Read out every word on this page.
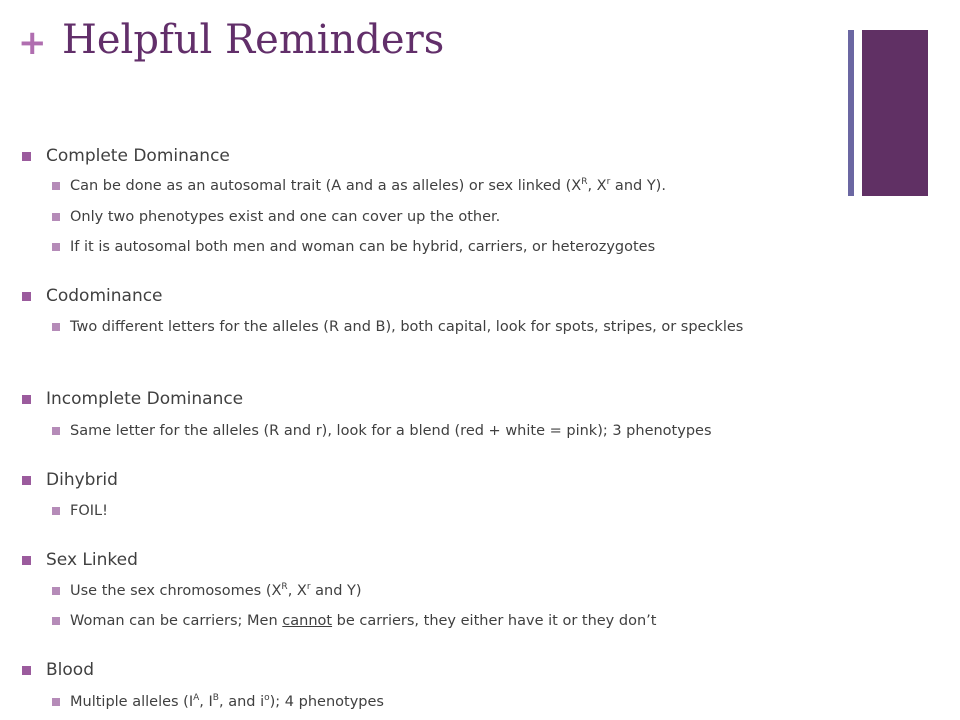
+ Helpful Reminders
Complete Dominance
Can be done as an autosomal trait (A and a as alleles) or sex linked ($X^R$, $X^r$ and Y).
Only two phenotypes exist and one can cover up the other.
If it is autosomal both men and woman can be hybrid, carriers, or heterozygotes
Codominance
Two different letters for the alleles (R and B), both capital, look for spots, stripes, or speckles
Incomplete Dominance
Same letter for the alleles (R and r), look for a blend (red + white = pink); 3 phenotypes
Dihybrid
FOIL!
Sex Linked
Use the sex chromosomes ($X^R$, $X^r$ and Y)
Woman can be carriers; Men cannot be carriers, they either have it or they don’t
Blood
Multiple alleles ($I^A$, $I^B$, and $i^o$); 4 phenotypes
